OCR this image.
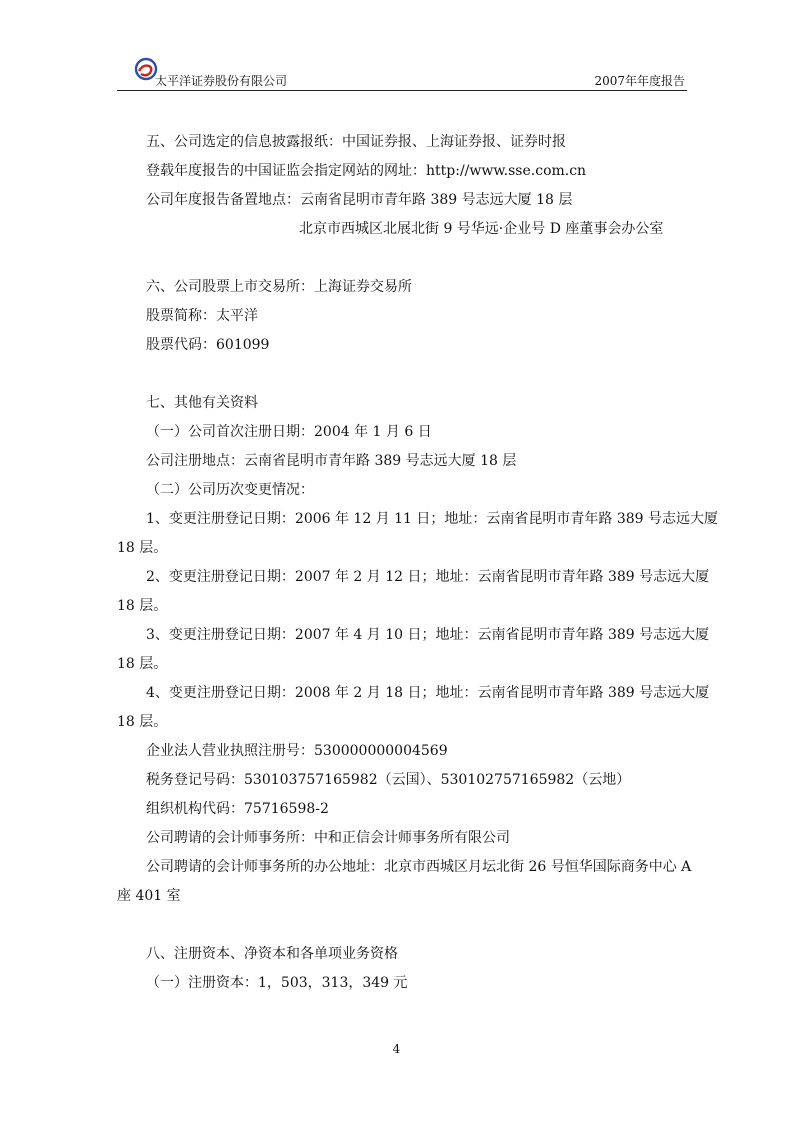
太平洋证券股份有限公司	2007年年度报告
五、公司选定的信息披露报纸：中国证券报、上海证券报、证券时报
登载年度报告的中国证监会指定网站的网址：http://www.sse.com.cn
公司年度报告备置地点：云南省昆明市青年路 389 号志远大厦 18 层
北京市西城区北展北街 9 号华远·企业号 D 座董事会办公室
六、公司股票上市交易所：上海证券交易所
股票简称：太平洋
股票代码：601099
七、其他有关资料
（一）公司首次注册日期：2004 年 1 月 6 日
公司注册地点：云南省昆明市青年路 389 号志远大厦 18 层
（二）公司历次变更情况：
1、变更注册登记日期：2006 年 12 月 11 日；地址：云南省昆明市青年路 389 号志远大厦
18 层。
2、变更注册登记日期：2007 年 2 月 12 日；地址：云南省昆明市青年路 389 号志远大厦
18 层。
3、变更注册登记日期：2007 年 4 月 10 日；地址：云南省昆明市青年路 389 号志远大厦
18 层。
4、变更注册登记日期：2008 年 2 月 18 日；地址：云南省昆明市青年路 389 号志远大厦
18 层。
企业法人营业执照注册号：530000000004569
税务登记号码：530103757165982（云国）、530102757165982（云地）
组织机构代码：75716598-2
公司聘请的会计师事务所：中和正信会计师事务所有限公司
公司聘请的会计师事务所的办公地址：北京市西城区月坛北街 26 号恒华国际商务中心 A
座 401 室
八、注册资本、净资本和各单项业务资格
（一）注册资本：1，503，313，349 元
4
